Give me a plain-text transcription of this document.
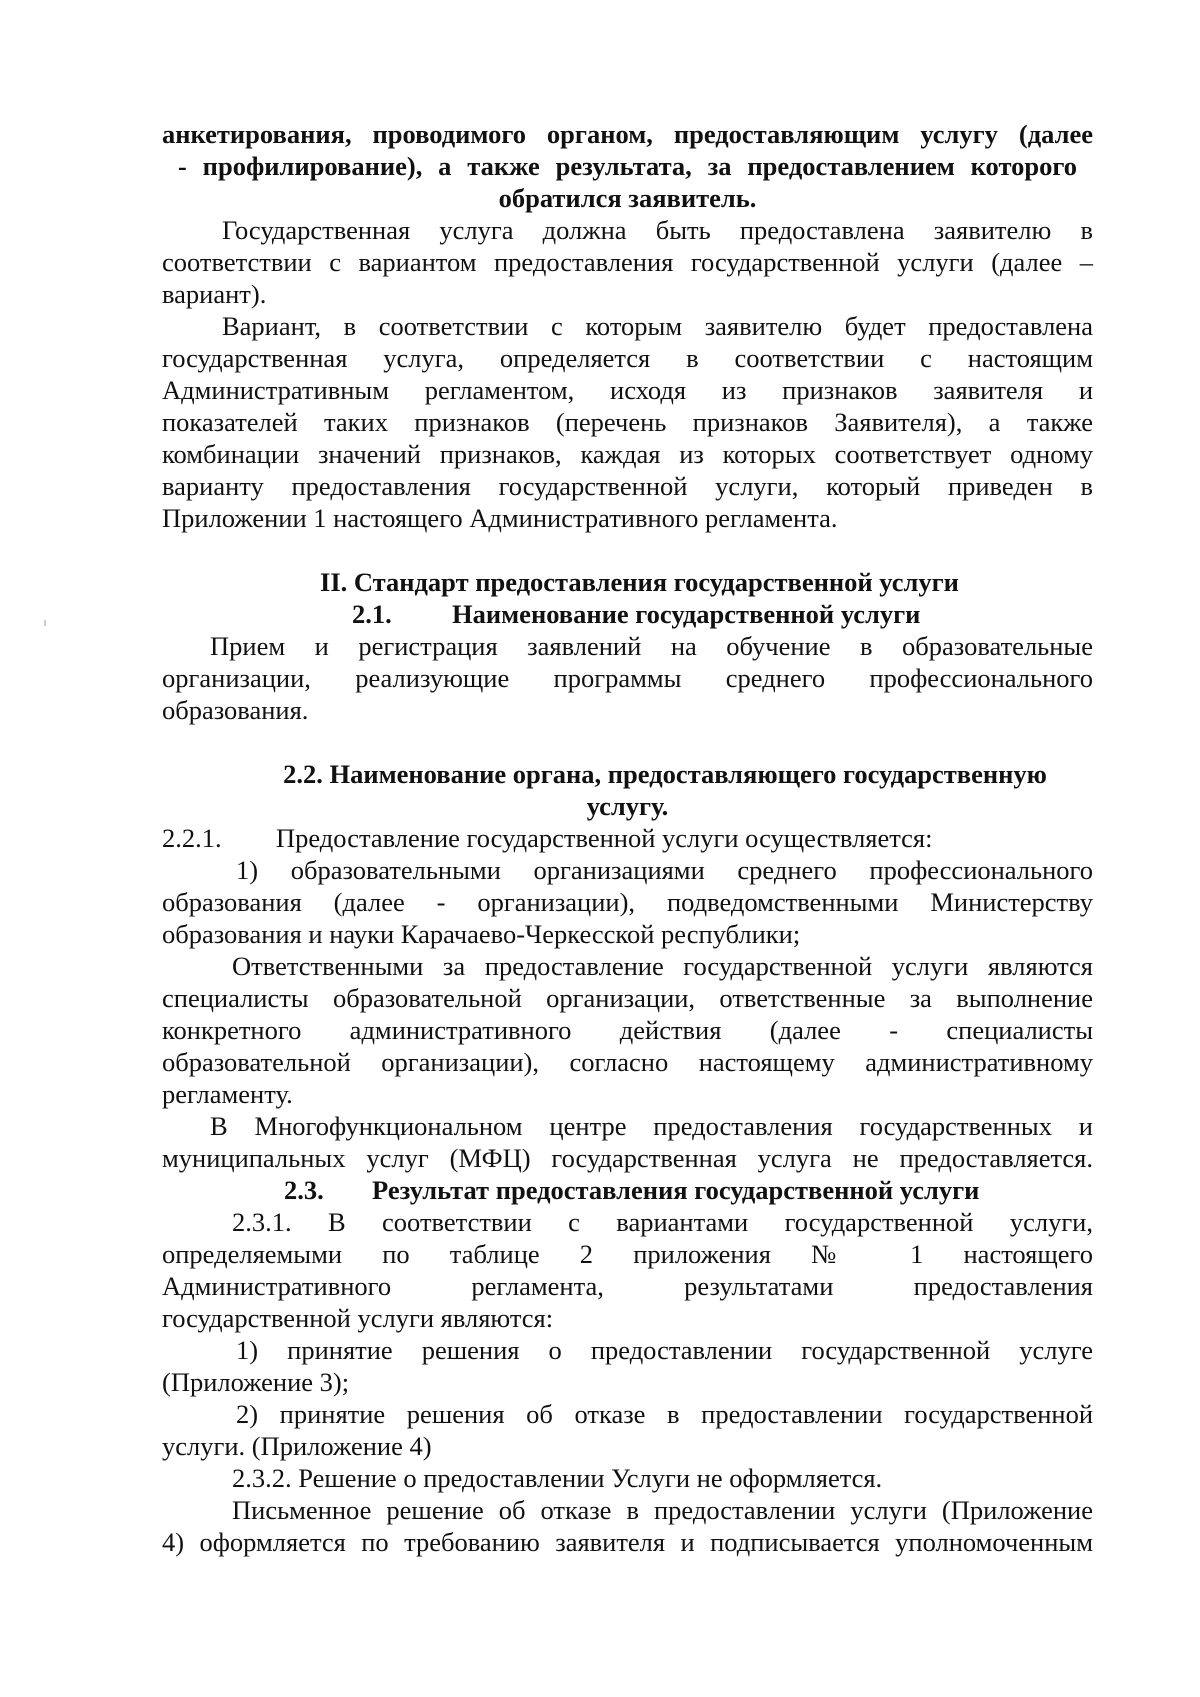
анкетирования, проводимого органом, предоставляющим услугу (далее
- профилирование), а также результата, за предоставлением которого
обратился заявитель.
Государственная услуга должна быть предоставлена заявителю в
соответствии с вариантом предоставления государственной услуги (далее –
вариант).
Вариант, в соответствии с которым заявителю будет предоставлена
государственная услуга, определяется в соответствии с настоящим
Административным регламентом, исходя из признаков заявителя и
показателей таких признаков (перечень признаков Заявителя), а также
комбинации значений признаков, каждая из которых соответствует одному
варианту предоставления государственной услуги, который приведен в
Приложении 1 настоящего Административного регламента.
II. Стандарт предоставления государственной услуги
2.1. Наименование государственной услуги
Прием и регистрация заявлений на обучение в образовательные
организации, реализующие программы среднего профессионального
образования.
2.2. Наименование органа, предоставляющего государственную
услугу.
2.2.1. Предоставление государственной услуги осуществляется:
1) образовательными организациями среднего профессионального
образования (далее - организации), подведомственными Министерству
образования и науки Карачаево-Черкесской республики;
Ответственными за предоставление государственной услуги являются
специалисты образовательной организации, ответственные за выполнение
конкретного административного действия (далее - специалисты
образовательной организации), согласно настоящему административному
регламенту.
В Многофункциональном центре предоставления государственных и
муниципальных услуг (МФЦ) государственная услуга не предоставляется.
2.3. Результат предоставления государственной услуги
2.3.1. В соответствии с вариантами государственной услуги,
определяемыми по таблице 2 приложения № 1 настоящего
Административного регламента, результатами предоставления
государственной услуги являются:
1) принятие решения о предоставлении государственной услуге
(Приложение 3);
2) принятие решения об отказе в предоставлении государственной
услуги. (Приложение 4)
2.3.2. Решение о предоставлении Услуги не оформляется.
Письменное решение об отказе в предоставлении услуги (Приложение
4) оформляется по требованию заявителя и подписывается уполномоченным
